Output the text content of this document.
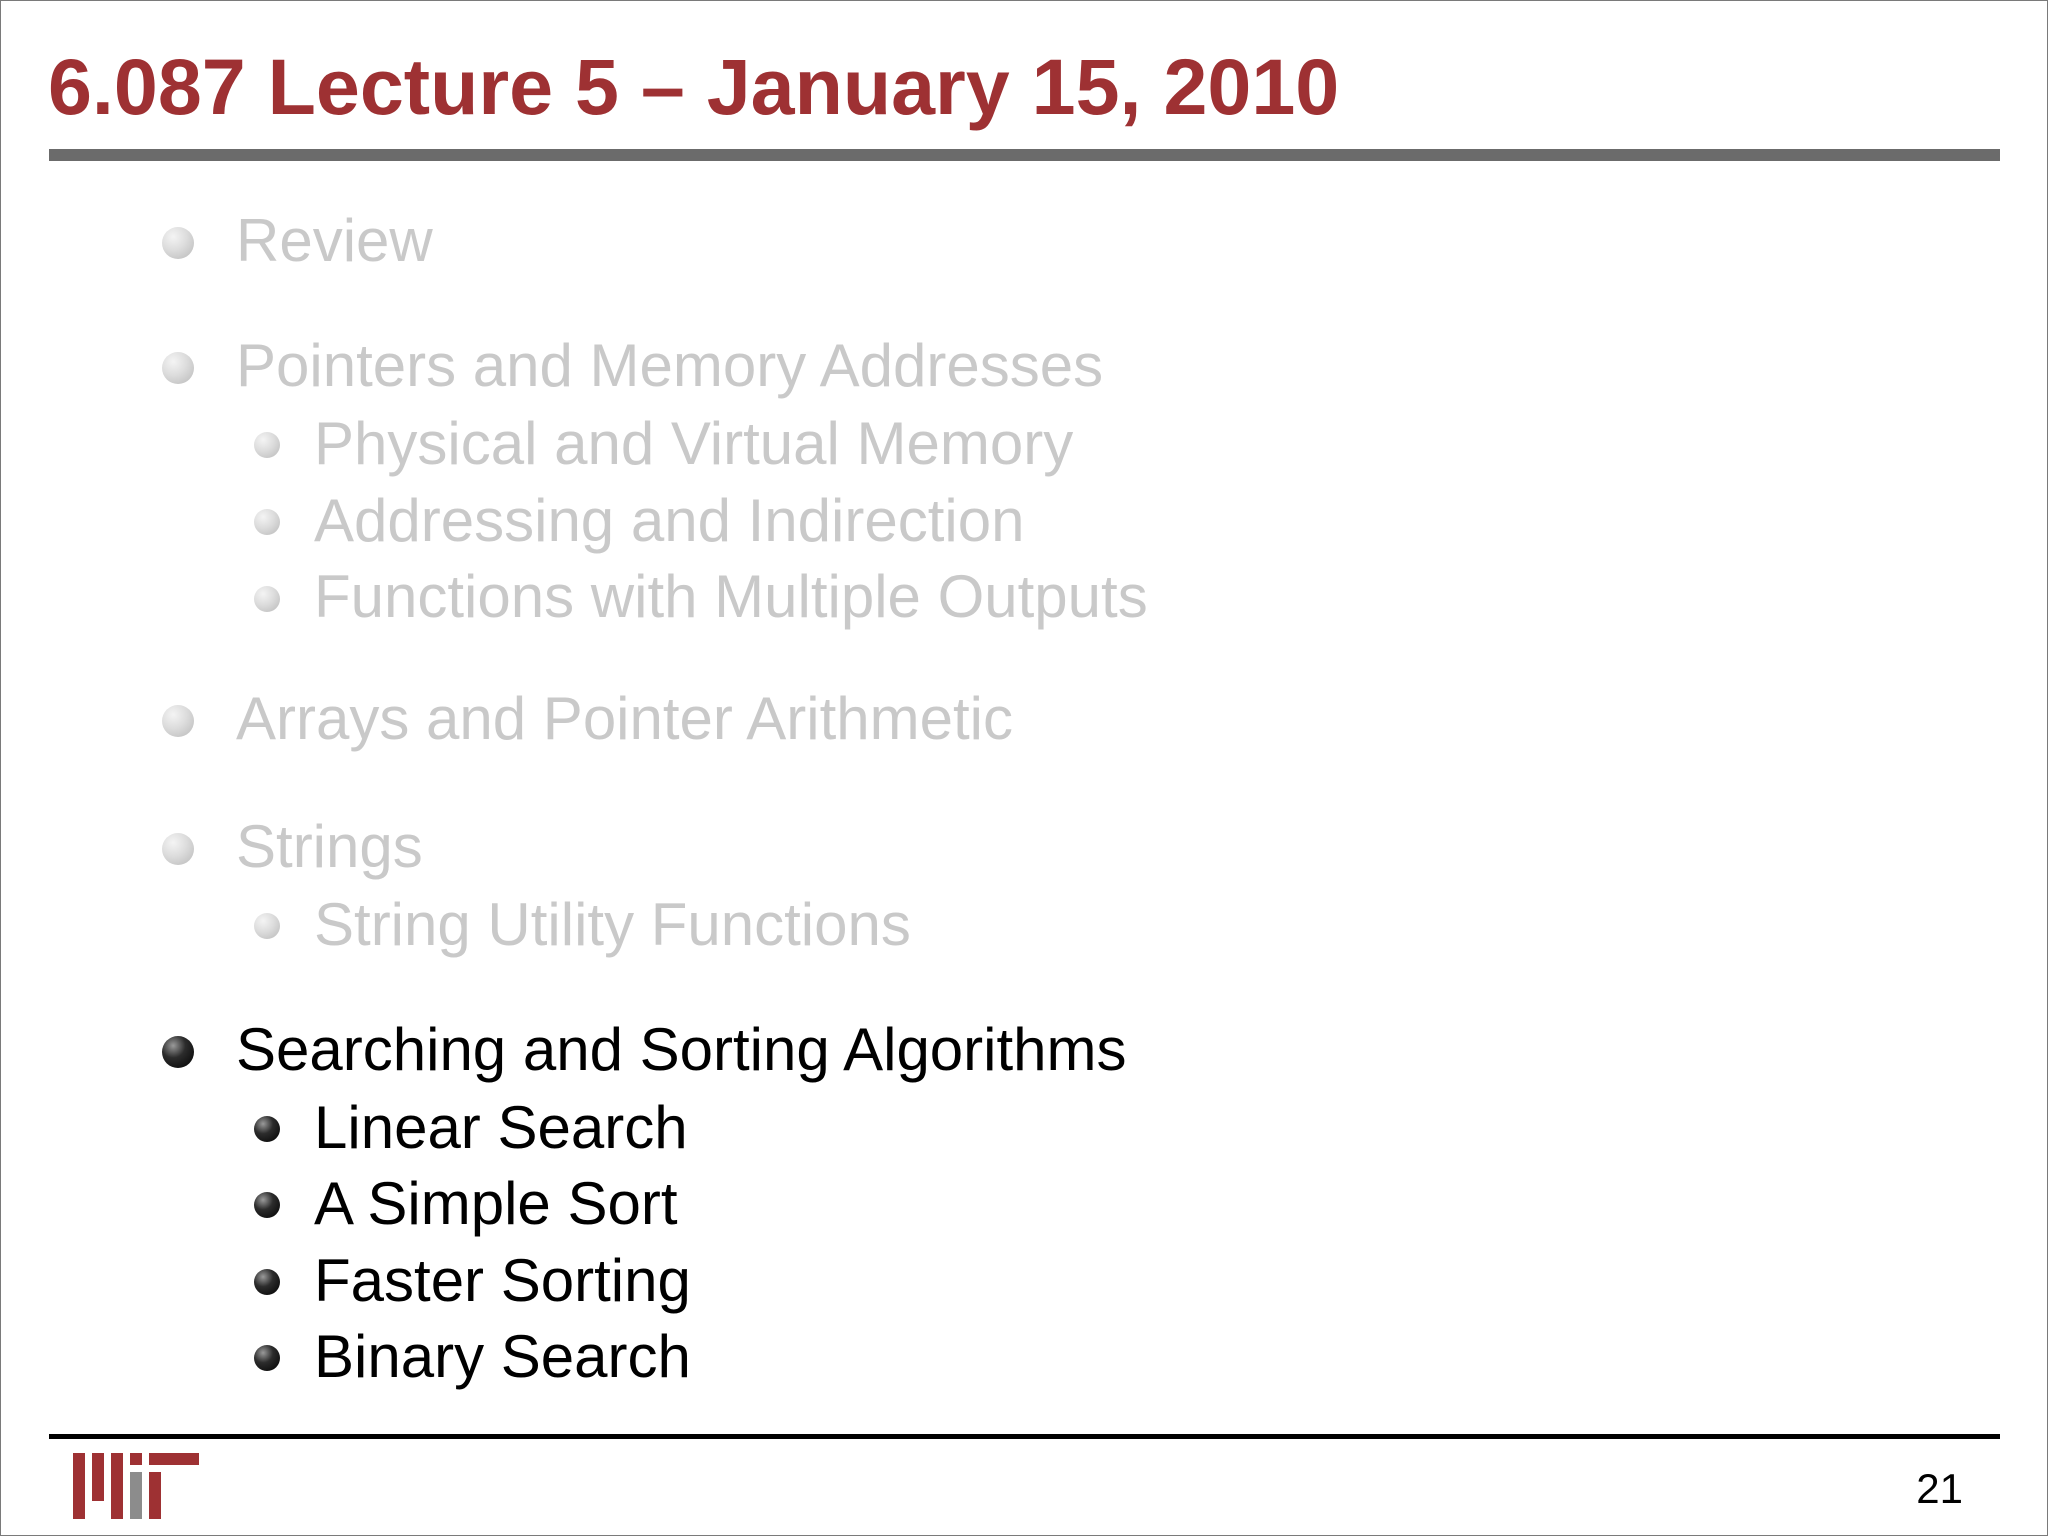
6.087 Lecture 5 – January 15, 2010
Review
Pointers and Memory Addresses
Physical and Virtual Memory
Addressing and Indirection
Functions with Multiple Outputs
Arrays and Pointer Arithmetic
Strings
String Utility Functions
Searching and Sorting Algorithms
Linear Search
A Simple Sort
Faster Sorting
Binary Search
21
